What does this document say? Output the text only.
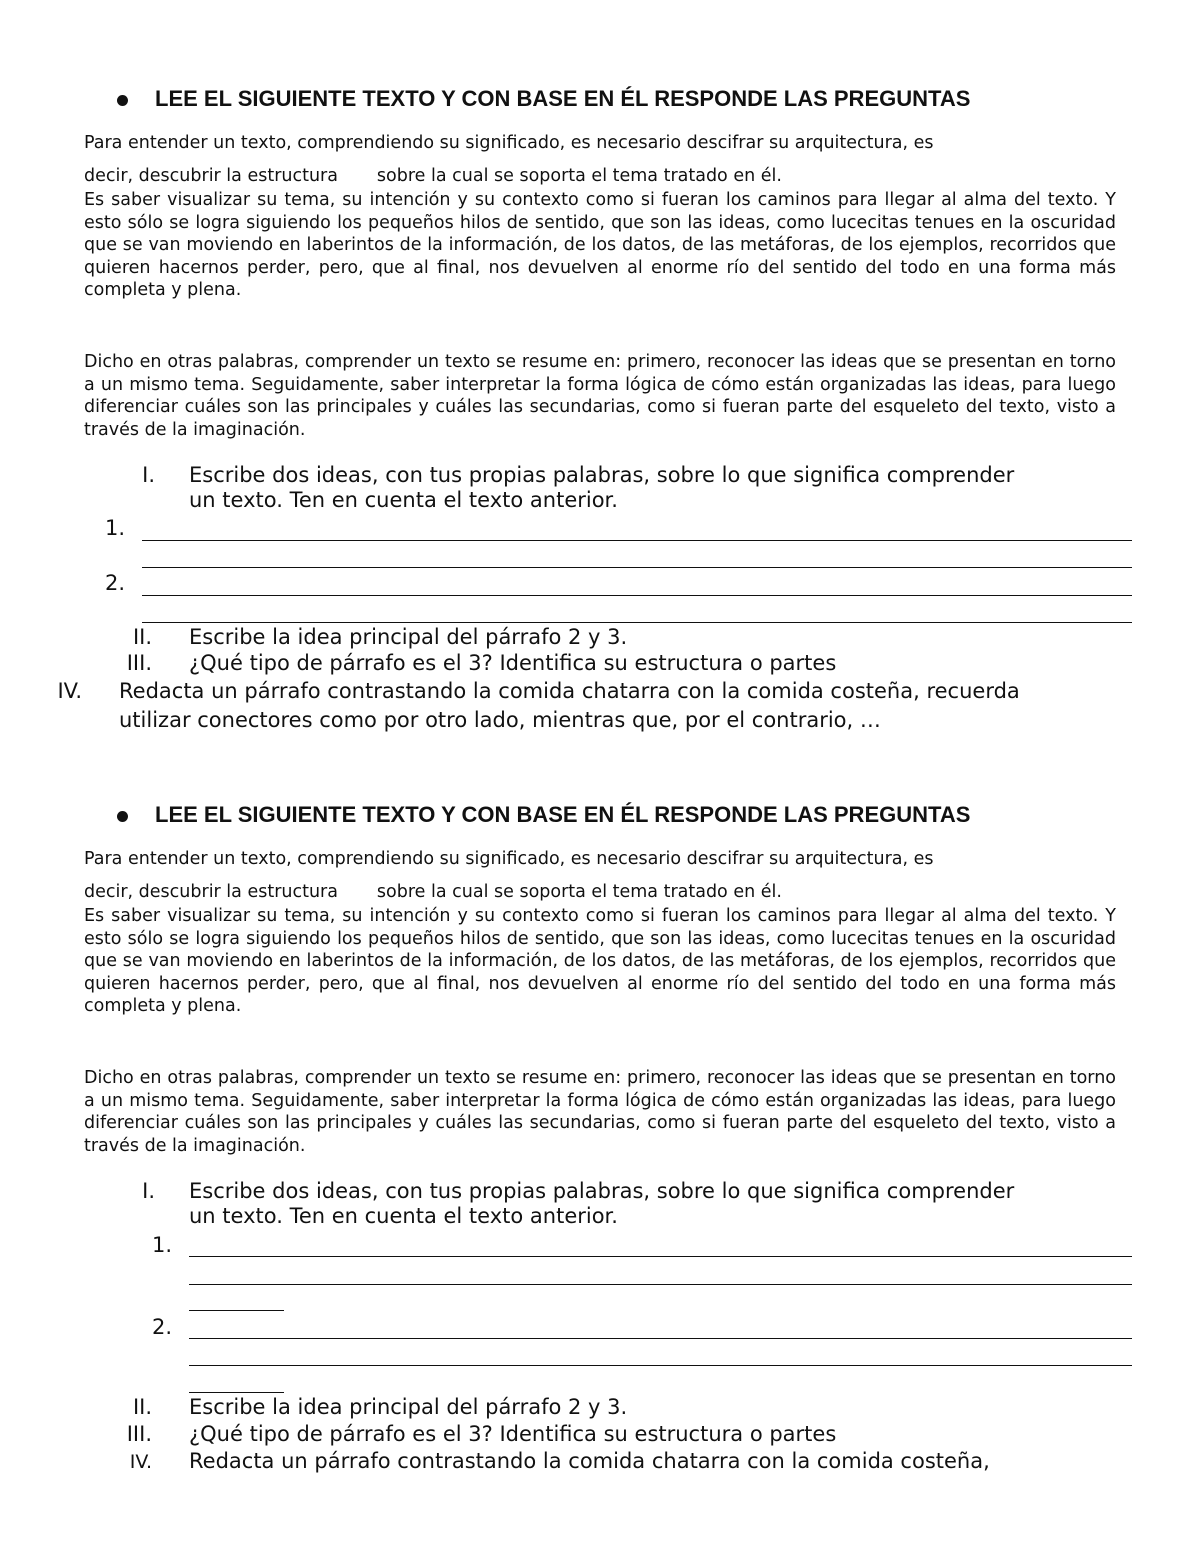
LEE EL SIGUIENTE TEXTO Y CON BASE EN ÉL RESPONDE LAS PREGUNTAS
Para entender un texto, comprendiendo su significado, es necesario descifrar su arquitectura, es
decir, descubrir la estructura       sobre la cual se soporta el tema tratado en él.

Es saber visualizar su tema, su intención y su contexto como si fueran los caminos para llegar al alma del texto. Y esto sólo se logra siguiendo los pequeños hilos de sentido, que son las ideas, como lucecitas tenues en la oscuridad que se van moviendo en laberintos de la información, de los datos, de las metáforas, de los ejemplos, recorridos que quieren hacernos perder, pero, que al final, nos devuelven al enorme río del sentido del todo en una forma más completa y plena.

Dicho en otras palabras, comprender un texto se resume en: primero, reconocer las ideas que se presentan en torno a un mismo tema. Seguidamente, saber interpretar la forma lógica de cómo están organizadas las ideas, para luego diferenciar cuáles son las principales y cuáles las secundarias, como si fueran parte del esqueleto del texto, visto a través de la imaginación.

I. Escribe dos ideas, con tus propias palabras, sobre lo que significa comprender
un texto. Ten en cuenta el texto anterior.
1.
2.
II. Escribe la idea principal del párrafo 2 y 3.
III. ¿Qué tipo de párrafo es el 3? Identifica su estructura o partes
IV. Redacta un párrafo contrastando la comida chatarra con la comida costeña, recuerda
utilizar conectores como por otro lado, mientras que, por el contrario, …
LEE EL SIGUIENTE TEXTO Y CON BASE EN ÉL RESPONDE LAS PREGUNTAS
Para entender un texto, comprendiendo su significado, es necesario descifrar su arquitectura, es
decir, descubrir la estructura       sobre la cual se soporta el tema tratado en él.

Es saber visualizar su tema, su intención y su contexto como si fueran los caminos para llegar al alma del texto. Y esto sólo se logra siguiendo los pequeños hilos de sentido, que son las ideas, como lucecitas tenues en la oscuridad que se van moviendo en laberintos de la información, de los datos, de las metáforas, de los ejemplos, recorridos que quieren hacernos perder, pero, que al final, nos devuelven al enorme río del sentido del todo en una forma más completa y plena.

Dicho en otras palabras, comprender un texto se resume en: primero, reconocer las ideas que se presentan en torno a un mismo tema. Seguidamente, saber interpretar la forma lógica de cómo están organizadas las ideas, para luego diferenciar cuáles son las principales y cuáles las secundarias, como si fueran parte del esqueleto del texto, visto a través de la imaginación.

I. Escribe dos ideas, con tus propias palabras, sobre lo que significa comprender
un texto. Ten en cuenta el texto anterior.
1.
2.
II. Escribe la idea principal del párrafo 2 y 3.
III. ¿Qué tipo de párrafo es el 3? Identifica su estructura o partes
IV. Redacta un párrafo contrastando la comida chatarra con la comida costeña,
